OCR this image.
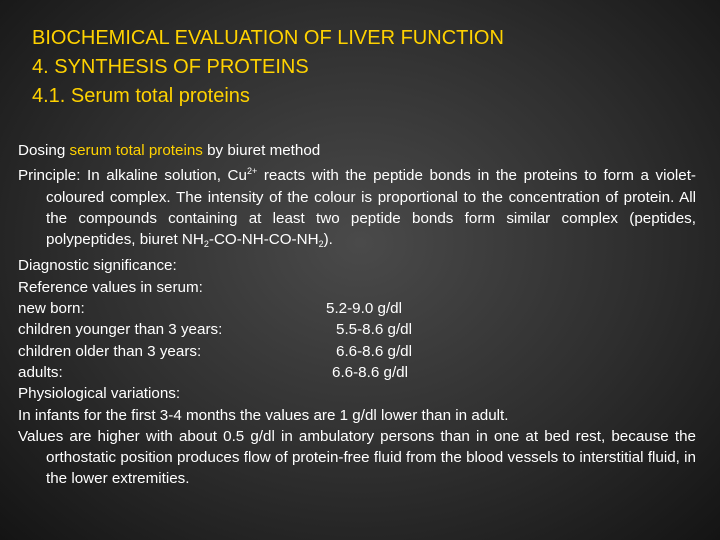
BIOCHEMICAL EVALUATION OF LIVER FUNCTION
4. SYNTHESIS OF PROTEINS
4.1. Serum total proteins
Dosing serum total proteins by biuret method
Principle: In alkaline solution, $Cu^{2+}$ reacts with the peptide bonds in the proteins to form a violet-coloured complex. The intensity of the colour is proportional to the concentration of protein. All the compounds containing at least two peptide bonds form similar complex (peptides, polypeptides, biuret $NH_2-CO-NH-CO-NH_2$).
Diagnostic significance:
Reference values in serum:
new born:	5.2-9.0 g/dl
children younger than 3 years:	5.5-8.6 g/dl
children older than 3 years:	6.6-8.6 g/dl
adults:	6.6-8.6 g/dl
Physiological variations:
In infants for the first 3-4 months the values are 1 g/dl lower than in adult.
Values are higher with about 0.5 g/dl in ambulatory persons than in one at bed rest, because the orthostatic position produces flow of protein-free fluid from the blood vessels to interstitial fluid, in the lower extremities.
